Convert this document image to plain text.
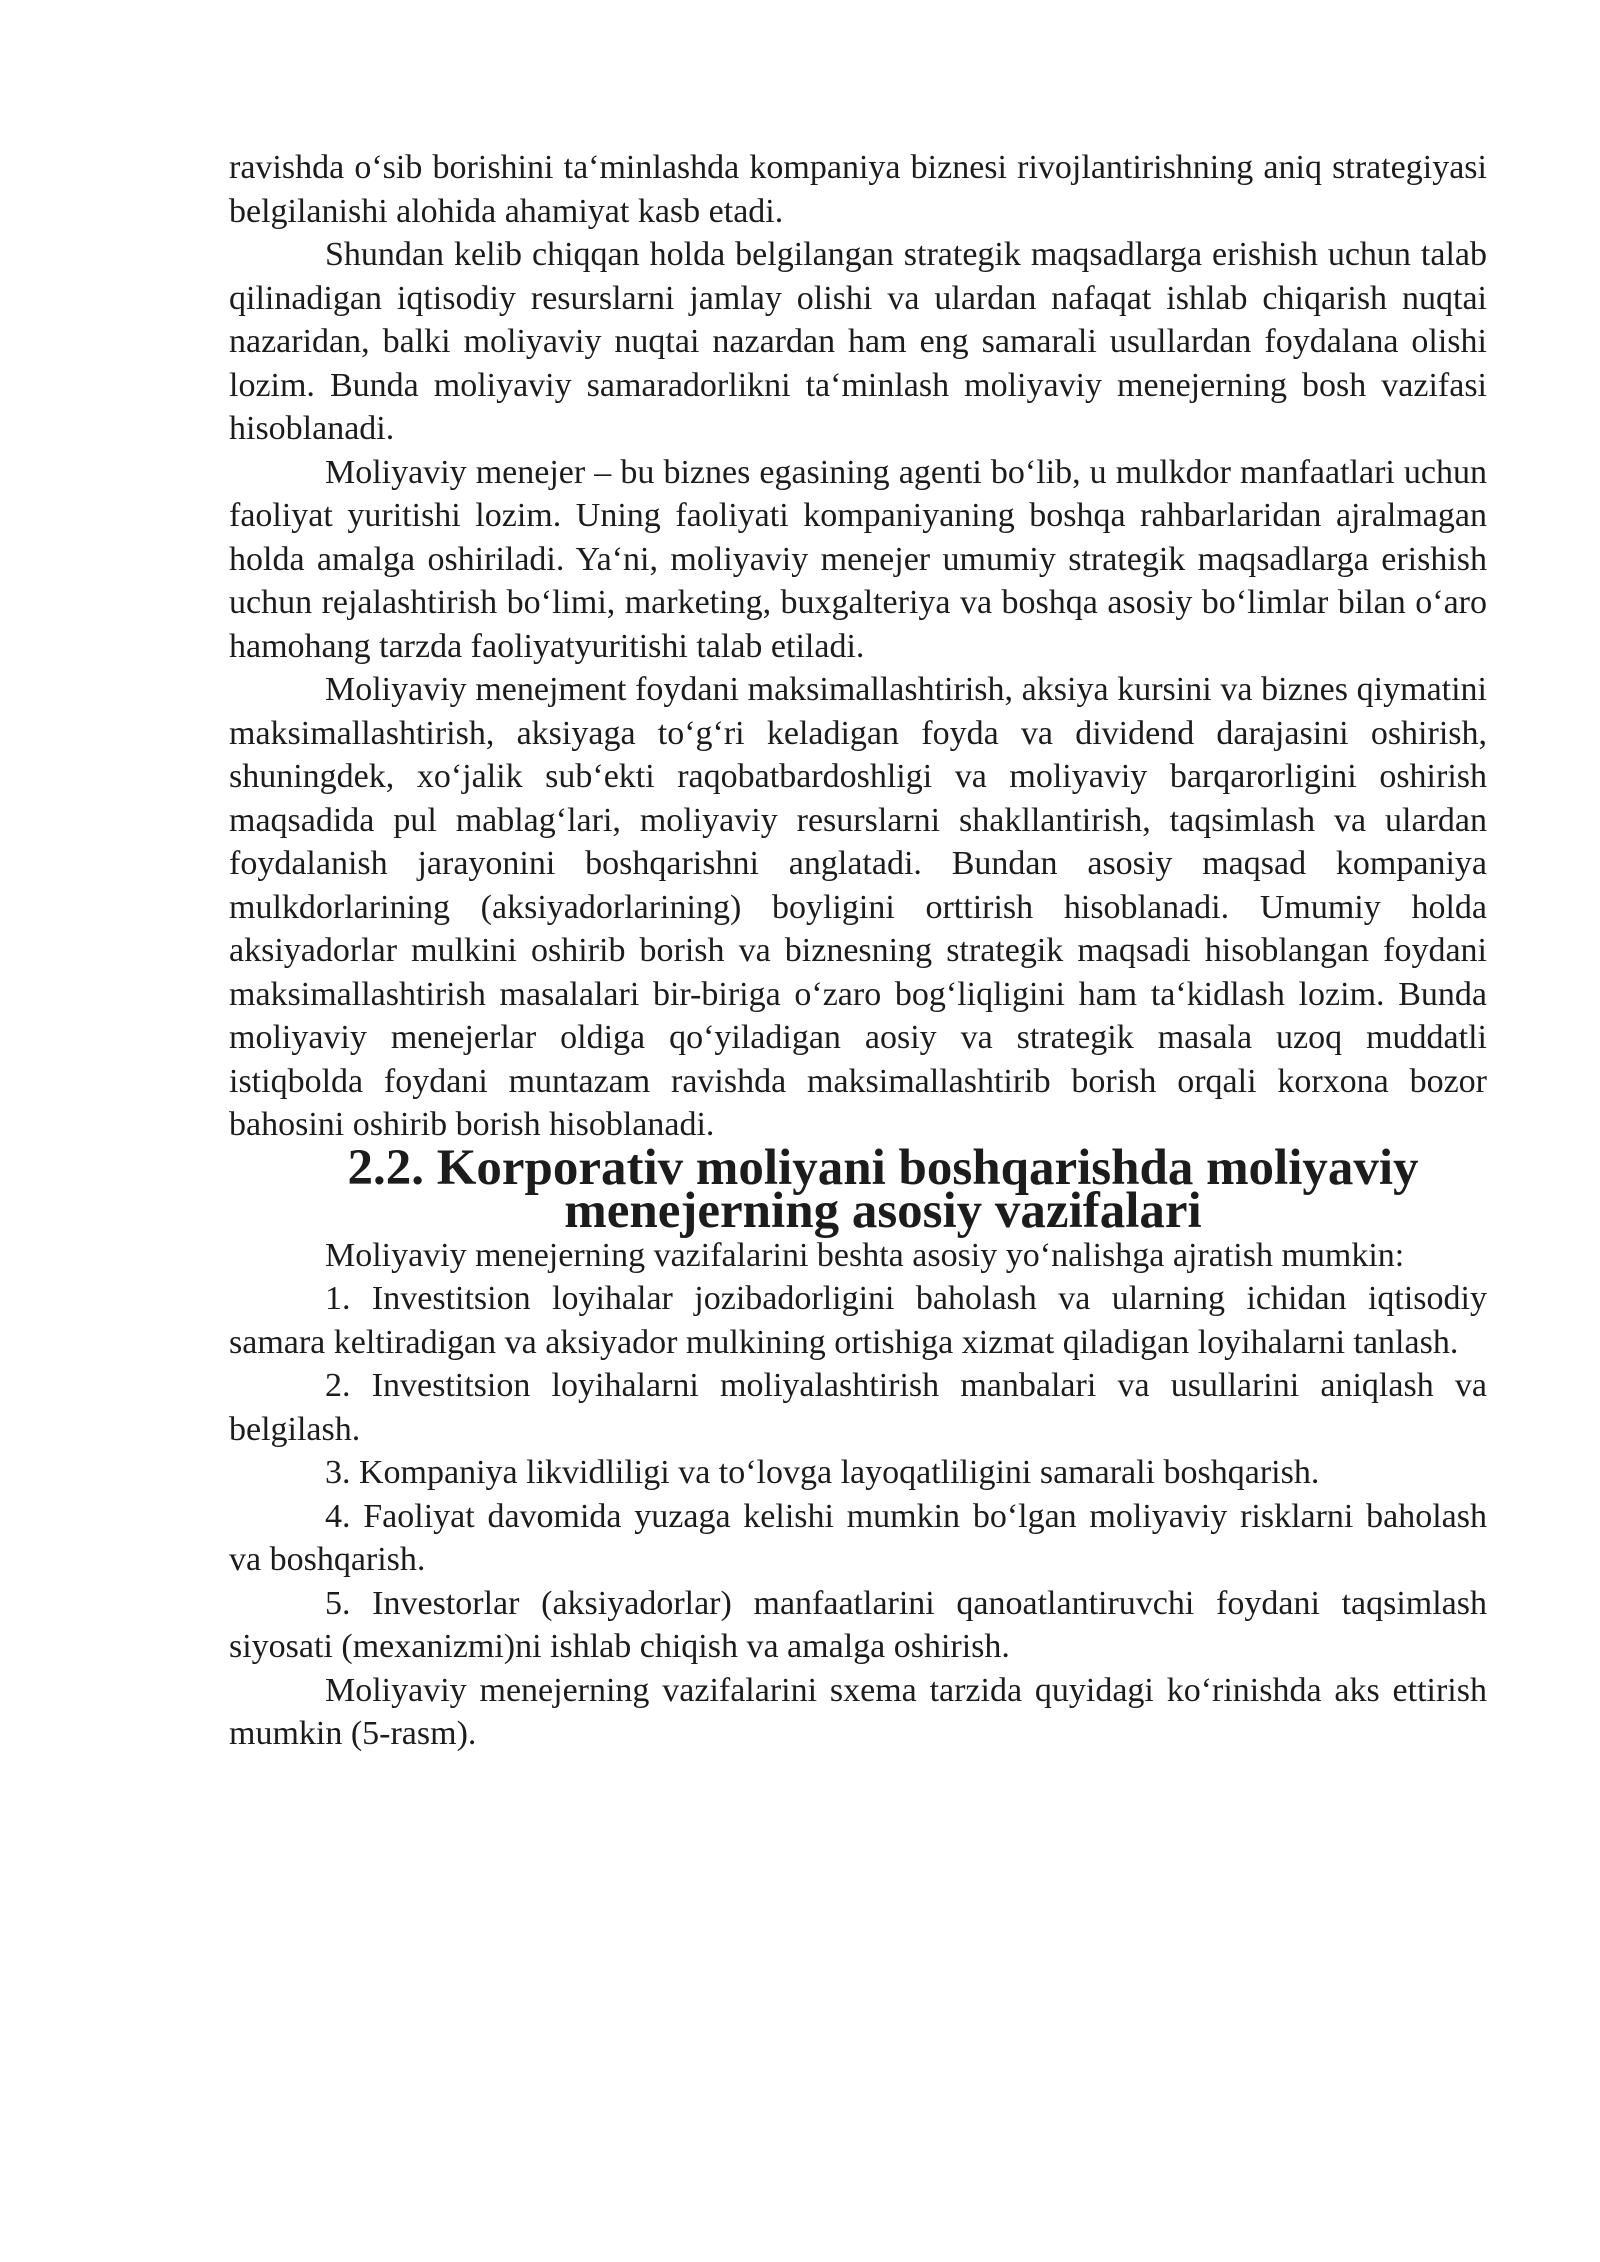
ravishda o‘sib borishini ta‘minlashda kompaniya biznesi rivojlantirishning aniq strategiyasi belgilanishi alohida ahamiyat kasb etadi.

Shundan kelib chiqqan holda belgilangan strategik maqsadlarga erishish uchun talab qilinadigan iqtisodiy resurslarni jamlay olishi va ulardan nafaqat ishlab chiqarish nuqtai nazaridan, balki moliyaviy nuqtai nazardan ham eng samarali usullardan foydalana olishi lozim. Bunda moliyaviy samaradorlikni ta‘minlash moliyaviy menejerning bosh vazifasi hisoblanadi.

Moliyaviy menejer – bu biznes egasining agenti bo‘lib, u mulkdor manfaatlari uchun faoliyat yuritishi lozim. Uning faoliyati kompaniyaning boshqa rahbarlaridan ajralmagan holda amalga oshiriladi. Ya‘ni, moliyaviy menejer umumiy strategik maqsadlarga erishish uchun rejalashtirish bo‘limi, marketing, buxgalteriya va boshqa asosiy bo‘limlar bilan o‘aro hamohang tarzda faoliyatyuritishi talab etiladi.

Moliyaviy menejment foydani maksimallashtirish, aksiya kursini va biznes qiymatini maksimallashtirish, aksiyaga to‘g‘ri keladigan foyda va dividend darajasini oshirish, shuningdek, xo‘jalik sub‘ekti raqobatbardoshligi va moliyaviy barqarorligini oshirish maqsadida pul mablag‘lari, moliyaviy resurslarni shakllantirish, taqsimlash va ulardan foydalanish jarayonini boshqarishni anglatadi. Bundan asosiy maqsad kompaniya mulkdorlarining (aksiyadorlarining) boyligini orttirish hisoblanadi. Umumiy holda aksiyadorlar mulkini oshirib borish va biznesning strategik maqsadi hisoblangan foydani maksimallashtirish masalalari bir-biriga o‘zaro bog‘liqligini ham ta‘kidlash lozim. Bunda moliyaviy menejerlar oldiga qo‘yiladigan aosiy va strategik masala uzoq muddatli istiqbolda foydani muntazam ravishda maksimallashtirib borish orqali korxona bozor bahosini oshirib borish hisoblanadi.

2.2. Korporativ moliyani boshqarishda moliyaviy menejerning asosiy vazifalari

Moliyaviy menejerning vazifalarini beshta asosiy yo‘nalishga ajratish mumkin:

1. Investitsion loyihalar jozibadorligini baholash va ularning ichidan iqtisodiy samara keltiradigan va aksiyador mulkining ortishiga xizmat qiladigan loyihalarni tanlash.

2. Investitsion loyihalarni moliyalashtirish manbalari va usullarini aniqlash va belgilash.

3. Kompaniya likvidliligi va to‘lovga layoqatliligini samarali boshqarish.

4. Faoliyat davomida yuzaga kelishi mumkin bo‘lgan moliyaviy risklarni baholash va boshqarish.

5. Investorlar (aksiyadorlar) manfaatlarini qanoatlantiruvchi foydani taqsimlash siyosati (mexanizmi)ni ishlab chiqish va amalga oshirish.

Moliyaviy menejerning vazifalarini sxema tarzida quyidagi ko‘rinishda aks ettirish mumkin (5-rasm).
